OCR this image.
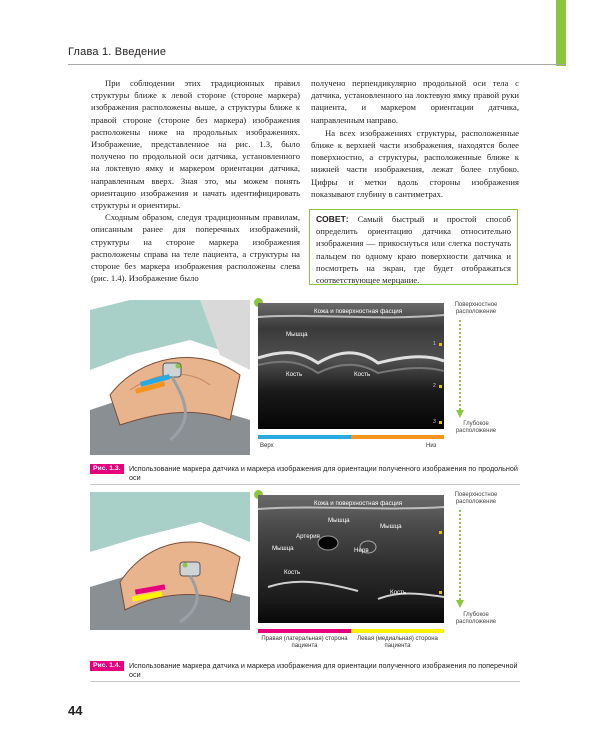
Глава 1. Введение

При соблюдении этих традиционных правил структуры ближе к левой стороне (стороне маркера) изображения расположены выше, а структуры ближе к правой стороне (стороне без маркера) изображения расположены ниже на продольных изображениях. Изображение, представленное на рис. 1.3, было получено по продольной оси датчика, установленного на локтевую ямку и маркером ориентации датчика, направленным вверх. Зная это, мы можем понять ориентацию изображения и начать идентифицировать структуры и ориентиры.

Сходным образом, следуя традиционным правилам, описанным ранее для поперечных изображений, структуры на стороне маркера изображения расположены справа на теле пациента, а структуры на стороне без маркера изображения расположены слева (рис. 1.4). Изображение было

получено перпендикулярно продольной оси тела с датчика, установленного на локтевую ямку правой руки пациента, и маркером ориентации датчика, направленным направо.

На всех изображениях структуры, расположенные ближе к верхней части изображения, находятся более поверхностно, а структуры, расположенные ближе к нижней части изображения, лежат более глубоко. Цифры и метки вдоль стороны изображения показывают глубину в сантиметрах.

СОВЕТ: Самый быстрый и простой способ определить ориентацию датчика относительно изображения — прикоснуться или слегка постучать пальцем по одному краю поверхности датчика и посмотреть на экран, где будет отображаться соответствующее мерцание.
Кожа и поверхностная фасция
Мышца
Кость	Кость
1
2
3
Поверхностное расположение
Глубокое расположение
Верх	Низ
Рис. 1.3.	Использование маркера датчика и маркера изображения для ориентации полученного изображения по продольной оси
Кожа и поверхностная фасция
Мышца
Мышца
Артерия
Нерв
Мышца
Кость
Кость
Поверхностное расположение
Глубокое расположение
Правая (латеральная) сторона пациента
Левая (медиальная) сторона пациента
Рис. 1.4.	Использование маркера датчика и маркера изображения для ориентации полученного изображения по поперечной оси
44
